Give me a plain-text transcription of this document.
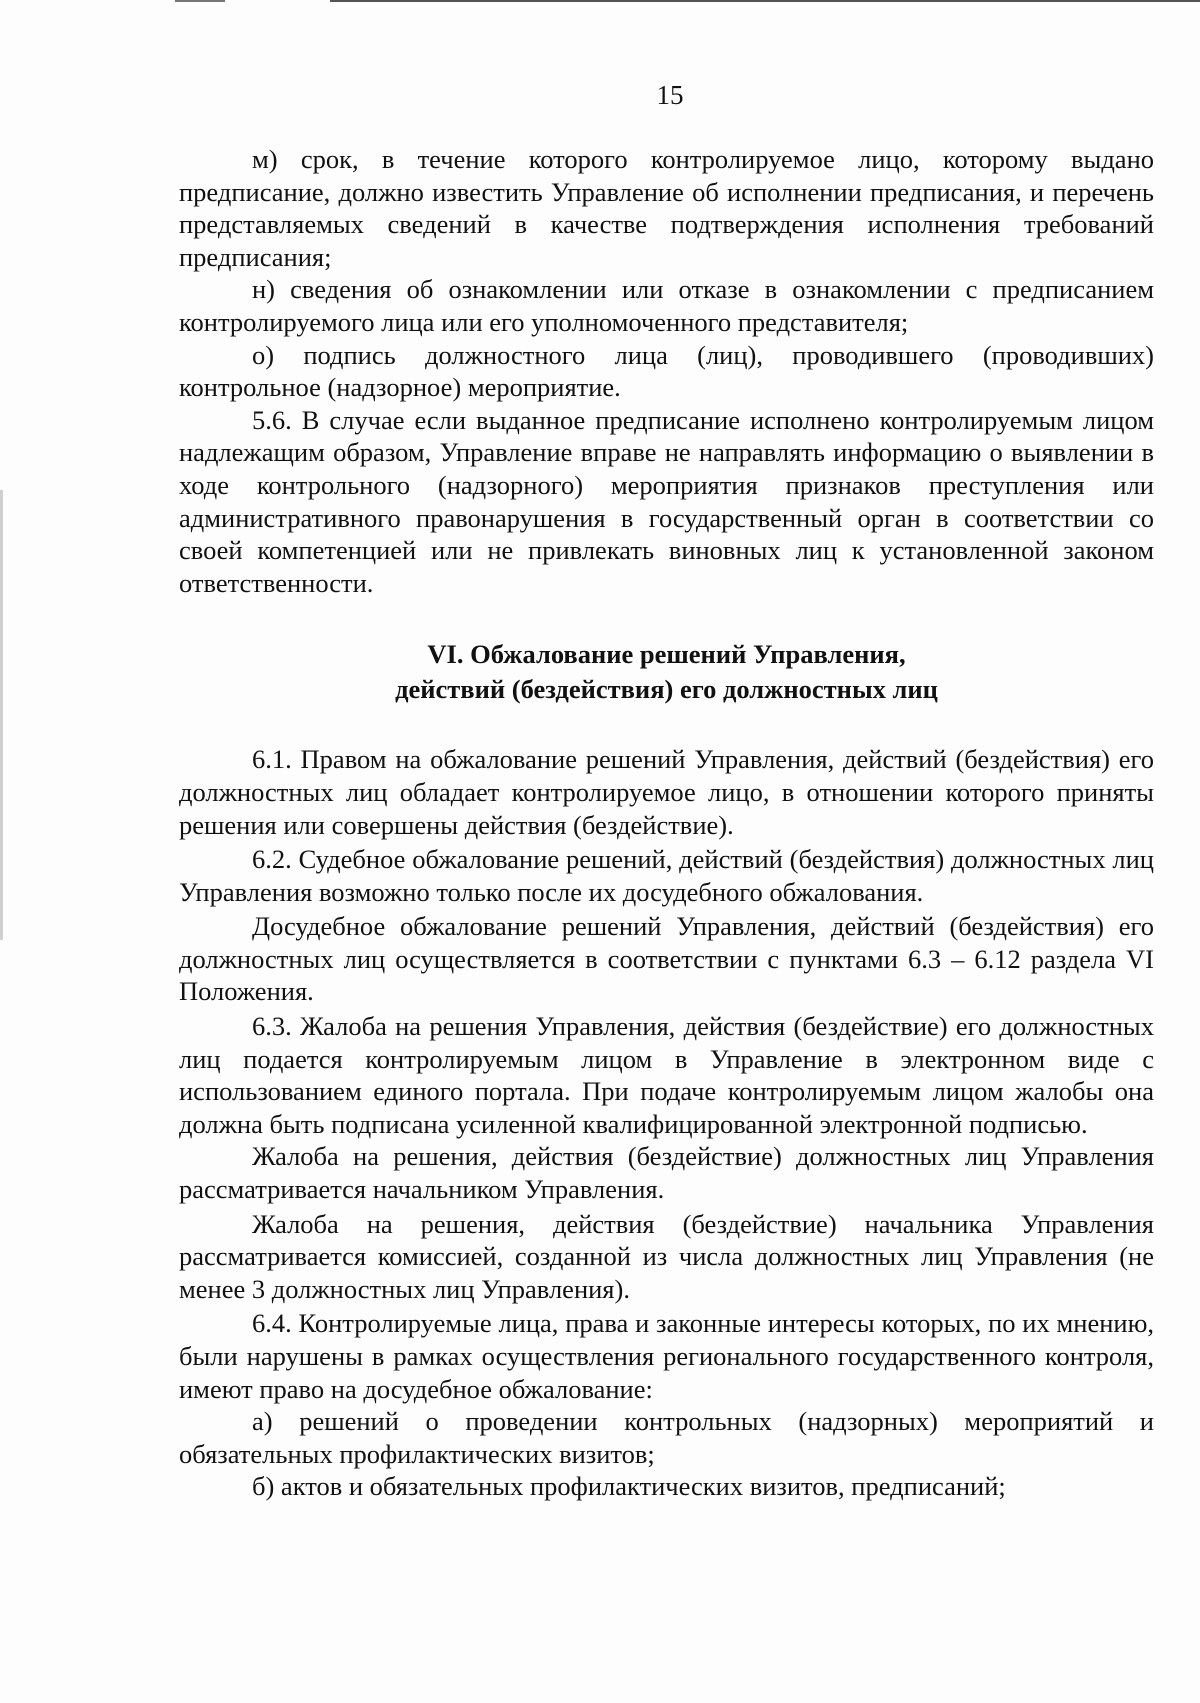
15

м) срок, в течение которого контролируемое лицо, которому выдано предписание, должно известить Управление об исполнении предписания, и перечень представляемых сведений в качестве подтверждения исполнения требований предписания;

н) сведения об ознакомлении или отказе в ознакомлении с предписанием контролируемого лица или его уполномоченного представителя;

о) подпись должностного лица (лиц), проводившего (проводивших) контрольное (надзорное) мероприятие.

5.6. В случае если выданное предписание исполнено контролируемым лицом надлежащим образом, Управление вправе не направлять информацию о выявлении в ходе контрольного (надзорного) мероприятия признаков преступления или административного правонарушения в государственный орган в соответствии со своей компетенцией или не привлекать виновных лиц к установленной законом ответственности.

VI. Обжалование решений Управления,
действий (бездействия) его должностных лиц

6.1. Правом на обжалование решений Управления, действий (бездействия) его должностных лиц обладает контролируемое лицо, в отношении которого приняты решения или совершены действия (бездействие).

6.2. Судебное обжалование решений, действий (бездействия) должностных лиц Управления возможно только после их досудебного обжалования.

Досудебное обжалование решений Управления, действий (бездействия) его должностных лиц осуществляется в соответствии с пунктами 6.3 – 6.12 раздела VI Положения.

6.3. Жалоба на решения Управления, действия (бездействие) его должностных лиц подается контролируемым лицом в Управление в электронном виде с использованием единого портала. При подаче контролируемым лицом жалобы она должна быть подписана усиленной квалифицированной электронной подписью.

Жалоба на решения, действия (бездействие) должностных лиц Управления рассматривается начальником Управления.

Жалоба на решения, действия (бездействие) начальника Управления рассматривается комиссией, созданной из числа должностных лиц Управления (не менее 3 должностных лиц Управления).

6.4. Контролируемые лица, права и законные интересы которых, по их мнению, были нарушены в рамках осуществления регионального государственного контроля, имеют право на досудебное обжалование:

а) решений о проведении контрольных (надзорных) мероприятий и обязательных профилактических визитов;

б) актов и обязательных профилактических визитов, предписаний;
